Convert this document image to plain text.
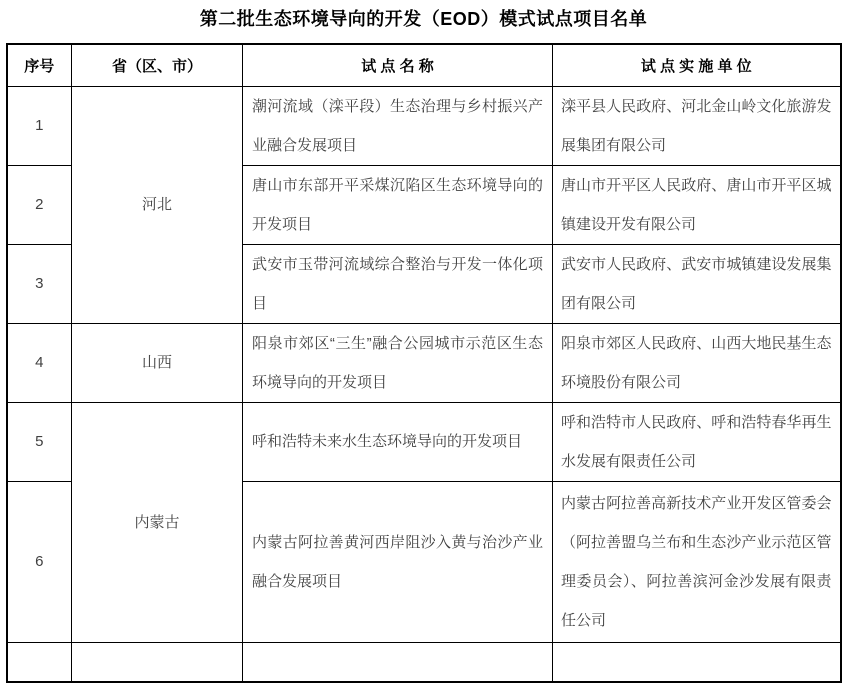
第二批生态环境导向的开发（EOD）模式试点项目名单
序号	省（区、市）	试 点 名 称	试 点 实 施 单 位
1	河北	潮河流域（滦平段）生态治理与乡村振兴产业融合发展项目	滦平县人民政府、河北金山岭文化旅游发展集团有限公司
2		唐山市东部开平采煤沉陷区生态环境导向的开发项目	唐山市开平区人民政府、唐山市开平区城镇建设开发有限公司
3		武安市玉带河流域综合整治与开发一体化项目	武安市人民政府、武安市城镇建设发展集团有限公司
4	山西	阳泉市郊区“三生”融合公园城市示范区生态环境导向的开发项目	阳泉市郊区人民政府、山西大地民基生态环境股份有限公司
5	内蒙古	呼和浩特未来水生态环境导向的开发项目	呼和浩特市人民政府、呼和浩特春华再生水发展有限责任公司
6		内蒙古阿拉善黄河西岸阻沙入黄与治沙产业融合发展项目	内蒙古阿拉善高新技术产业开发区管委会（阿拉善盟乌兰布和生态沙产业示范区管理委员会）、阿拉善滨河金沙发展有限责任公司
